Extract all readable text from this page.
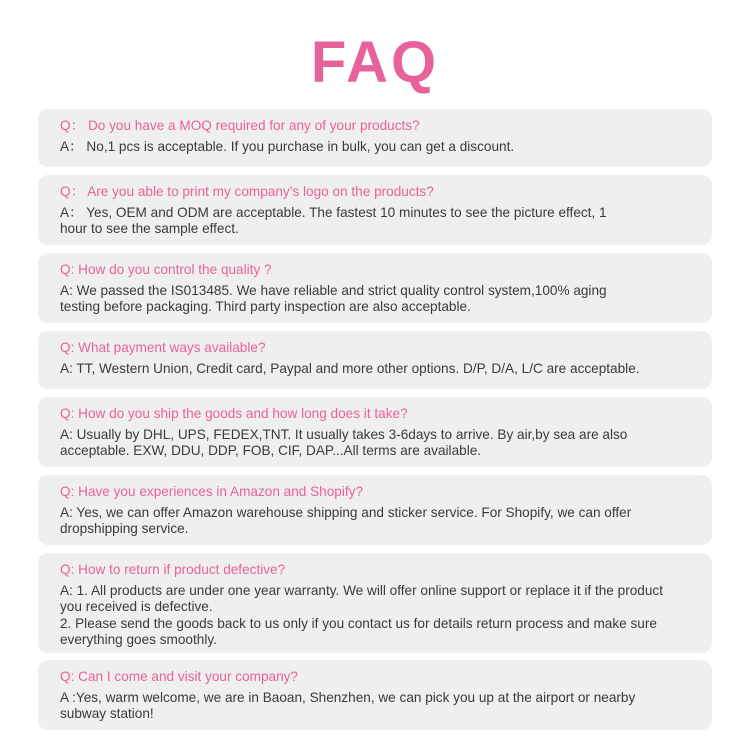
FAQ
Q： Do you have a MOQ required for any of your products?
A： No,1 pcs is acceptable. If you purchase in bulk, you can get a discount.
Q： Are you able to print my company’s logo on the products?
A： Yes, OEM and ODM are acceptable. The fastest 10 minutes to see the picture effect, 1
hour to see the sample effect.
Q: How do you control the quality ?
A: We passed the IS013485. We have reliable and strict quality control system,100% aging
testing before packaging. Third party inspection are also acceptable.
Q: What payment ways available?
A: TT, Western Union, Credit card, Paypal and more other options. D/P, D/A, L/C are acceptable.
Q: How do you ship the goods and how long does it take?
A: Usually by DHL, UPS, FEDEX,TNT. It usually takes 3-6days to arrive. By air,by sea are also
acceptable. EXW, DDU, DDP, FOB, CIF, DAP...All terms are available.
Q: Have you experiences in Amazon and Shopify?
A: Yes, we can offer Amazon warehouse shipping and sticker service. For Shopify, we can offer
dropshipping service.
Q: How to return if product defective?
A: 1. All products are under one year warranty. We will offer online support or replace it if the product
you received is defective.
2. Please send the goods back to us only if you contact us for details return process and make sure
everything goes smoothly.
Q: Can I come and visit your company?
A :Yes, warm welcome, we are in Baoan, Shenzhen, we can pick you up at the airport or nearby
subway station!
